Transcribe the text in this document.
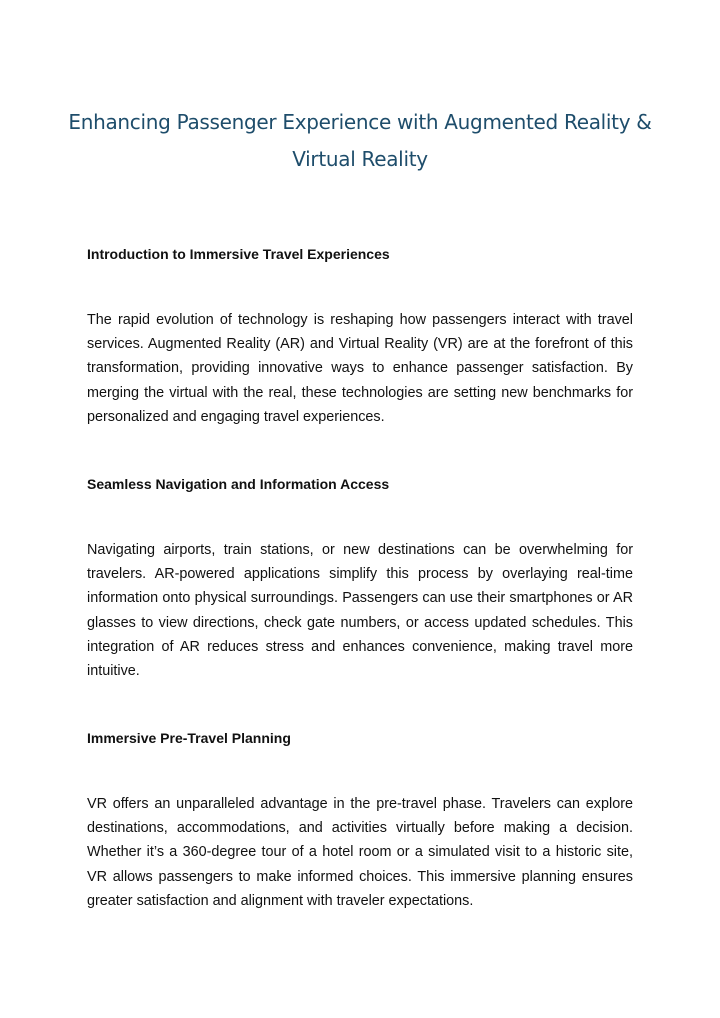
Enhancing Passenger Experience with Augmented Reality & Virtual Reality
Introduction to Immersive Travel Experiences

The rapid evolution of technology is reshaping how passengers interact with travel services. Augmented Reality (AR) and Virtual Reality (VR) are at the forefront of this transformation, providing innovative ways to enhance passenger satisfaction. By merging the virtual with the real, these technologies are setting new benchmarks for personalized and engaging travel experiences.

Seamless Navigation and Information Access

Navigating airports, train stations, or new destinations can be overwhelming for travelers. AR-powered applications simplify this process by overlaying real-time information onto physical surroundings. Passengers can use their smartphones or AR glasses to view directions, check gate numbers, or access updated schedules. This integration of AR reduces stress and enhances convenience, making travel more intuitive.

Immersive Pre-Travel Planning

VR offers an unparalleled advantage in the pre-travel phase. Travelers can explore destinations, accommodations, and activities virtually before making a decision. Whether it’s a 360-degree tour of a hotel room or a simulated visit to a historic site, VR allows passengers to make informed choices. This immersive planning ensures greater satisfaction and alignment with traveler expectations.
